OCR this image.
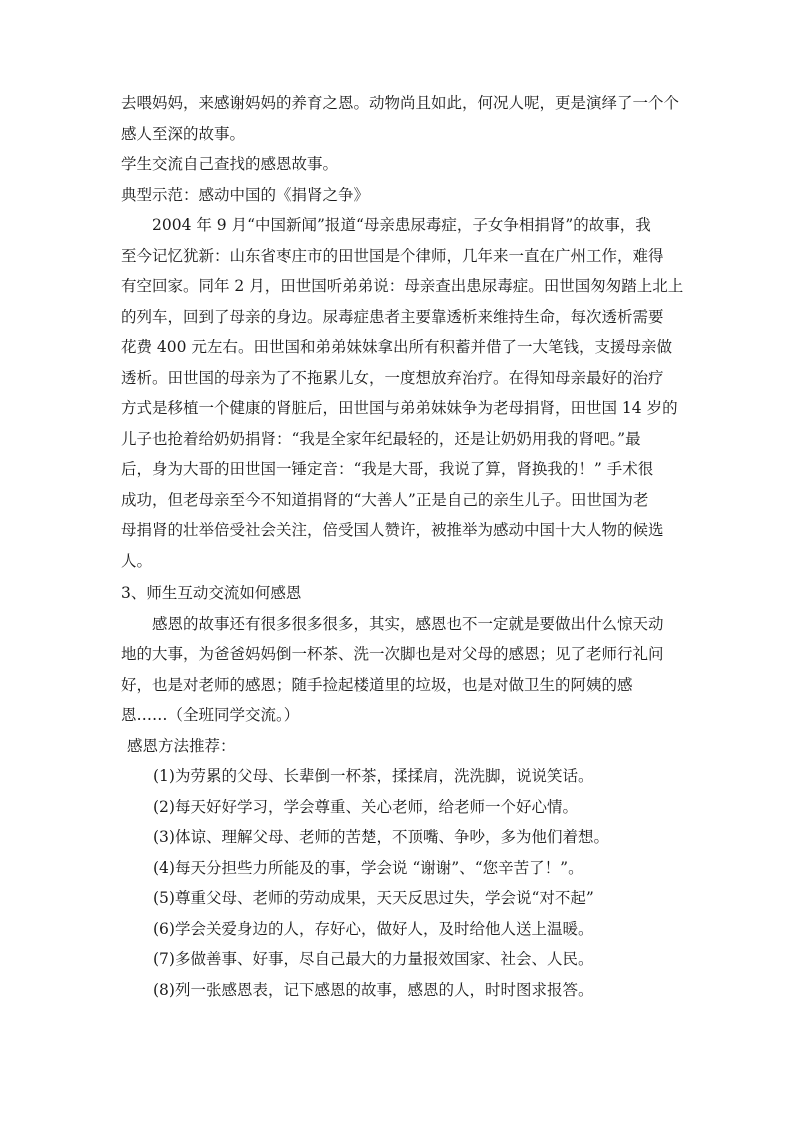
去喂妈妈，来感谢妈妈的养育之恩。动物尚且如此，何况人呢，更是演绎了一个个
感人至深的故事。
学生交流自己查找的感恩故事。
典型示范：感动中国的《捐肾之争》
2004 年 9 月“中国新闻”报道“母亲患尿毒症，子女争相捐肾”的故事，我
至今记忆犹新：山东省枣庄市的田世国是个律师，几年来一直在广州工作，难得
有空回家。同年 2 月，田世国听弟弟说：母亲查出患尿毒症。田世国匆匆踏上北上
的列车，回到了母亲的身边。尿毒症患者主要靠透析来维持生命，每次透析需要
花费 400 元左右。田世国和弟弟妹妹拿出所有积蓄并借了一大笔钱，支援母亲做
透析。田世国的母亲为了不拖累儿女，一度想放弃治疗。在得知母亲最好的治疗
方式是移植一个健康的肾脏后，田世国与弟弟妹妹争为老母捐肾，田世国 14 岁的
儿子也抢着给奶奶捐肾：“我是全家年纪最轻的，还是让奶奶用我的肾吧。”最
后，身为大哥的田世国一锤定音：“我是大哥，我说了算，肾换我的！” 手术很
成功，但老母亲至今不知道捐肾的“大善人”正是自己的亲生儿子。田世国为老
母捐肾的壮举倍受社会关注，倍受国人赞许，被推举为感动中国十大人物的候选
人。
3、师生互动交流如何感恩
感恩的故事还有很多很多很多，其实，感恩也不一定就是要做出什么惊天动
地的大事，为爸爸妈妈倒一杯茶、洗一次脚也是对父母的感恩；见了老师行礼问
好，也是对老师的感恩；随手捡起楼道里的垃圾，也是对做卫生的阿姨的感
恩……（全班同学交流。）
感恩方法推荐：
(1)为劳累的父母、长辈倒一杯茶，揉揉肩，洗洗脚，说说笑话。
(2)每天好好学习，学会尊重、关心老师，给老师一个好心情。
(3)体谅、理解父母、老师的苦楚，不顶嘴、争吵，多为他们着想。
(4)每天分担些力所能及的事，学会说 “谢谢”、“您辛苦了！”。
(5)尊重父母、老师的劳动成果，天天反思过失，学会说“对不起”
(6)学会关爱身边的人，存好心，做好人，及时给他人送上温暖。
(7)多做善事、好事，尽自己最大的力量报效国家、社会、人民。
(8)列一张感恩表，记下感恩的故事，感恩的人，时时图求报答。
